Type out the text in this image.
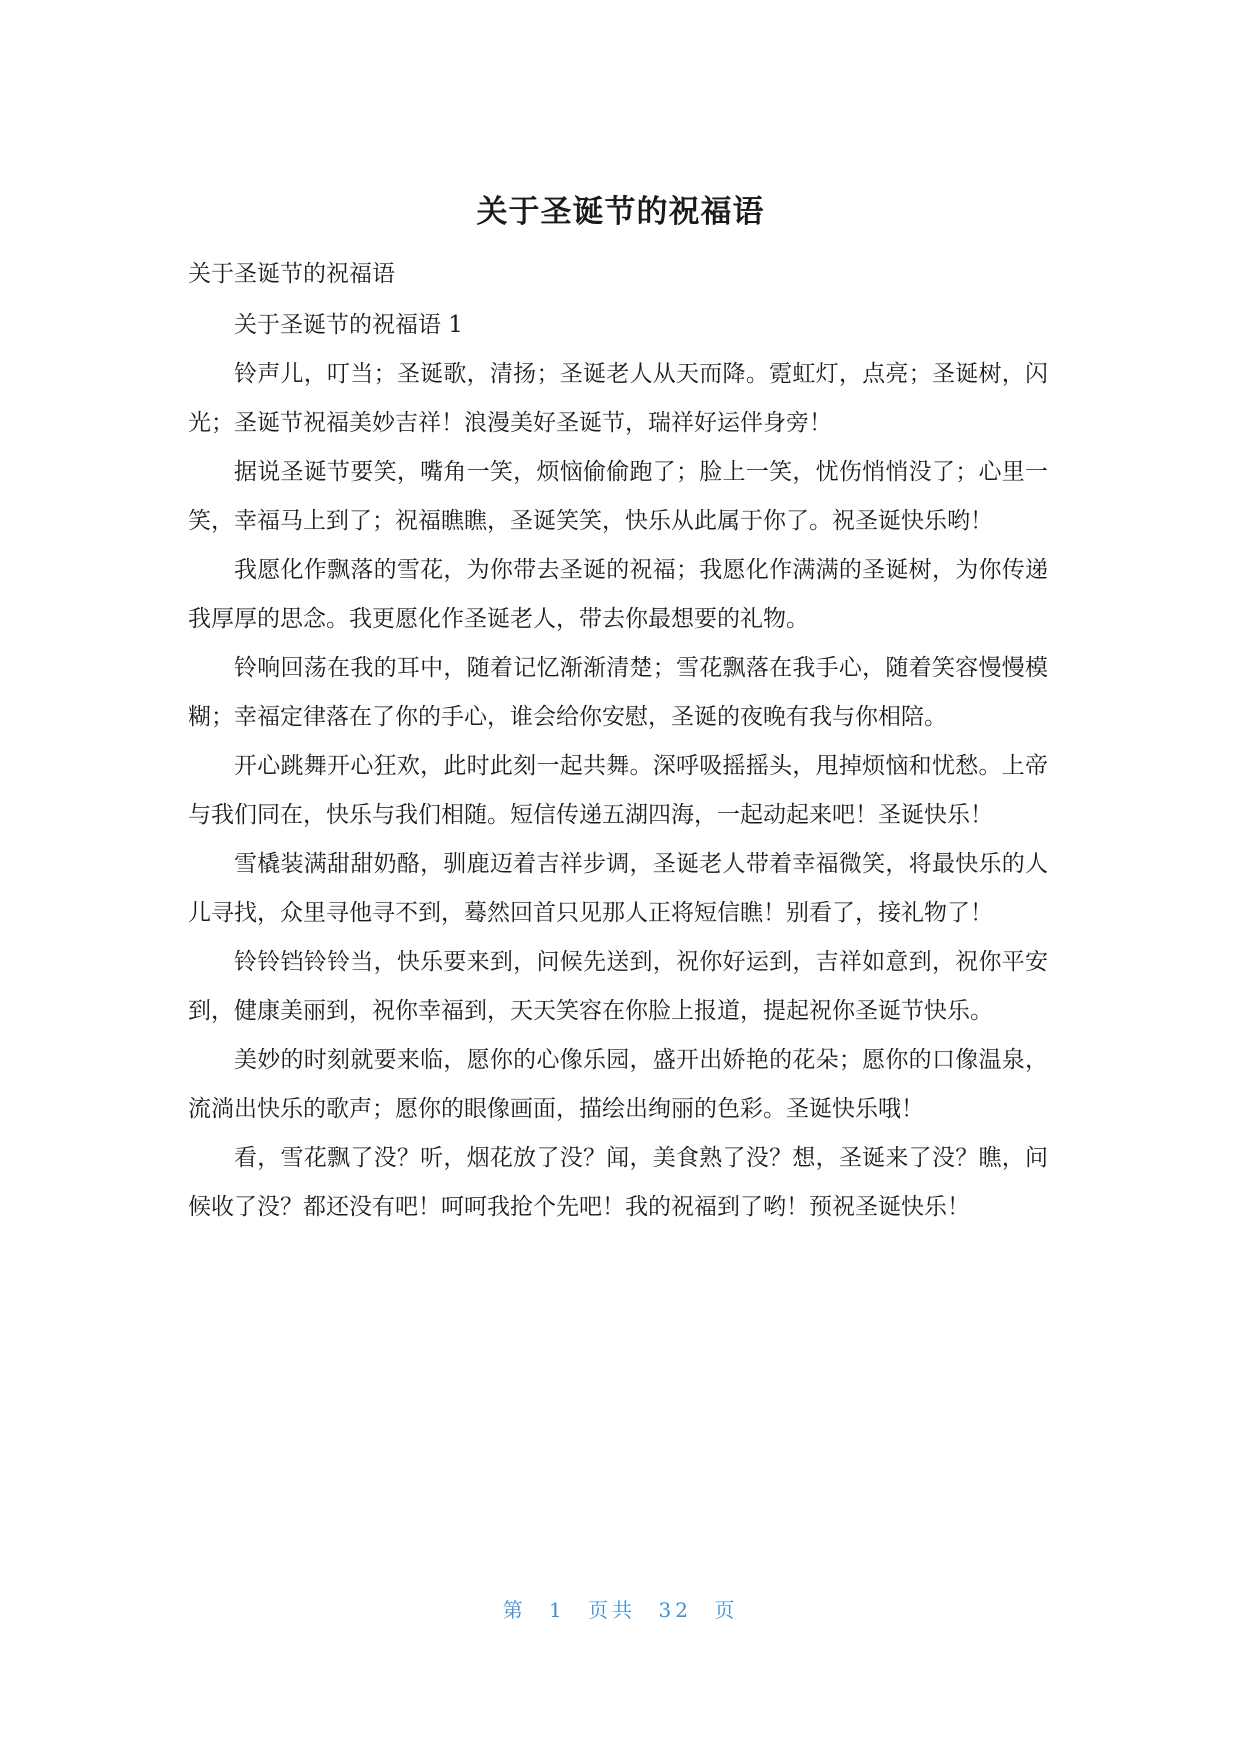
关于圣诞节的祝福语

关于圣诞节的祝福语

关于圣诞节的祝福语 1

铃声儿，叮当；圣诞歌，清扬；圣诞老人从天而降。霓虹灯，点亮；圣诞树，闪光；圣诞节祝福美妙吉祥！浪漫美好圣诞节，瑞祥好运伴身旁！

据说圣诞节要笑，嘴角一笑，烦恼偷偷跑了；脸上一笑，忧伤悄悄没了；心里一笑，幸福马上到了；祝福瞧瞧，圣诞笑笑，快乐从此属于你了。祝圣诞快乐哟！

我愿化作飘落的雪花，为你带去圣诞的祝福；我愿化作满满的圣诞树，为你传递我厚厚的思念。我更愿化作圣诞老人，带去你最想要的礼物。

铃响回荡在我的耳中，随着记忆渐渐清楚；雪花飘落在我手心，随着笑容慢慢模糊；幸福定律落在了你的手心，谁会给你安慰，圣诞的夜晚有我与你相陪。

开心跳舞开心狂欢，此时此刻一起共舞。深呼吸摇摇头，甩掉烦恼和忧愁。上帝与我们同在，快乐与我们相随。短信传递五湖四海，一起动起来吧！圣诞快乐！

雪橇装满甜甜奶酪，驯鹿迈着吉祥步调，圣诞老人带着幸福微笑，将最快乐的人儿寻找，众里寻他寻不到，蓦然回首只见那人正将短信瞧！别看了，接礼物了！

铃铃铛铃铃当，快乐要来到，问候先送到，祝你好运到，吉祥如意到，祝你平安到，健康美丽到，祝你幸福到，天天笑容在你脸上报道，提起祝你圣诞节快乐。

美妙的时刻就要来临，愿你的心像乐园，盛开出娇艳的花朵；愿你的口像温泉，流淌出快乐的歌声；愿你的眼像画面，描绘出绚丽的色彩。圣诞快乐哦！

看，雪花飘了没？听，烟花放了没？闻，美食熟了没？想，圣诞来了没？瞧，问候收了没？都还没有吧！呵呵我抢个先吧！我的祝福到了哟！预祝圣诞快乐！

第 1 页共 32 页
